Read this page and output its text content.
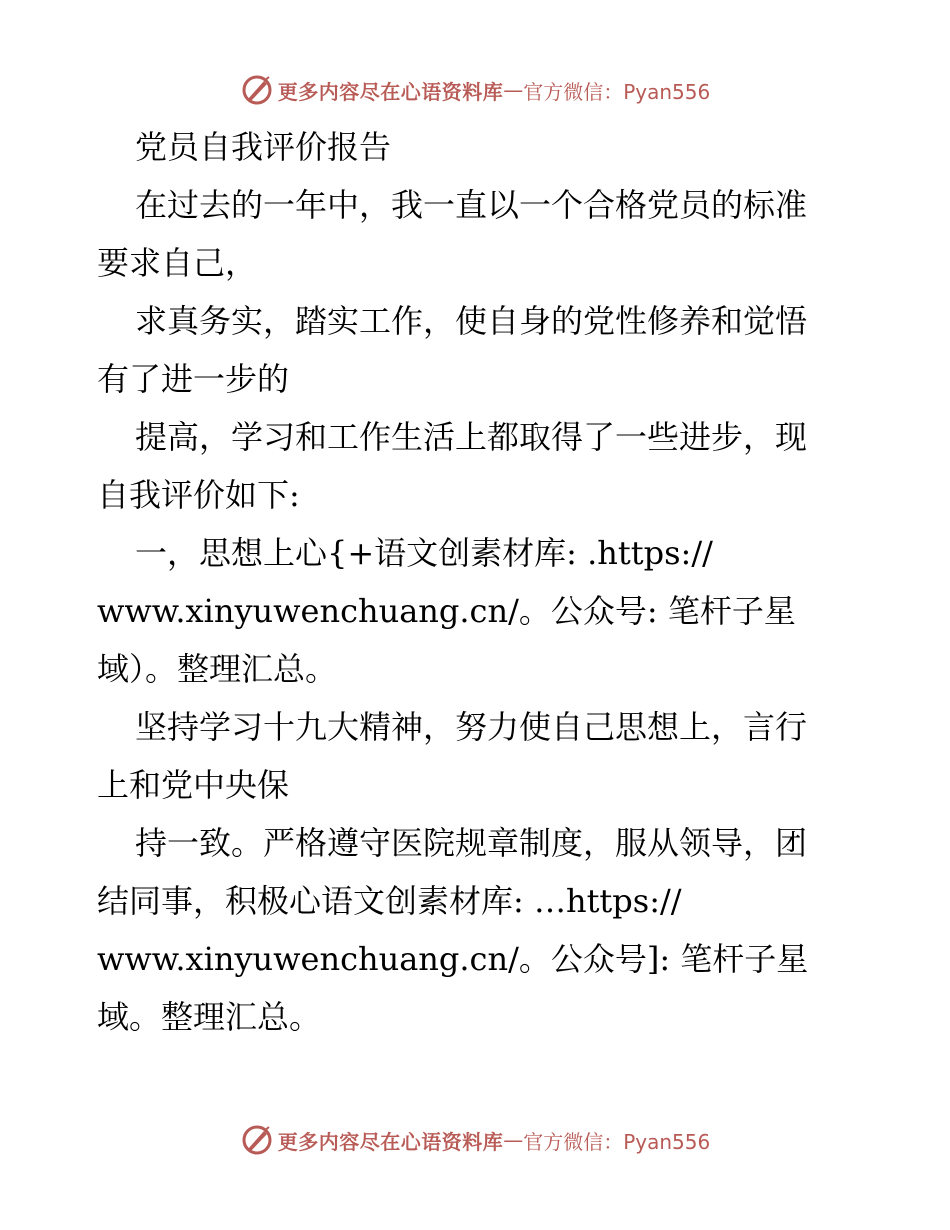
更多内容尽在心语资料库 — 官方微信：Pyan556

党员自我评价报告

在过去的一年中，我一直以一个合格党员的标准

要求自己，

求真务实，踏实工作，使自身的党性修养和觉悟

有了进一步的

提高，学习和工作生活上都取得了一些进步，现

自我评价如下:

一，思想上心{+语文创素材库: .https://

www.xinyuwenchuang.cn/。公众号: 笔杆子星

域）。整理汇总。

坚持学习十九大精神，努力使自己思想上，言行

上和党中央保

持一致。严格遵守医院规章制度，服从领导，团

结同事，积极心语文创素材库: …https://

www.xinyuwenchuang.cn/。公众号]: 笔杆子星

域。整理汇总。

更多内容尽在心语资料库 — 官方微信：Pyan556
